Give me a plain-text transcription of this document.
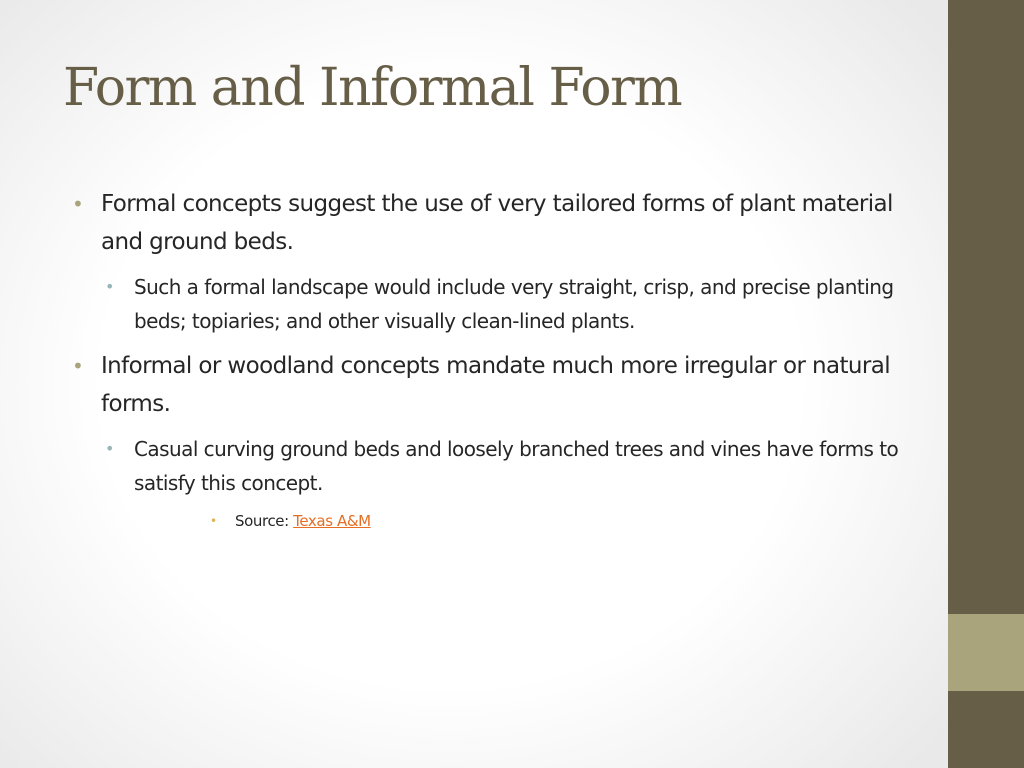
Form and Informal Form
• Formal concepts suggest the use of very tailored forms of plant material and ground beds.
• Such a formal landscape would include very straight, crisp, and precise planting beds; topiaries; and other visually clean-lined plants.
• Informal or woodland concepts mandate much more irregular or natural forms.
• Casual curving ground beds and loosely branched trees and vines have forms to satisfy this concept.
• Source: Texas A&M
